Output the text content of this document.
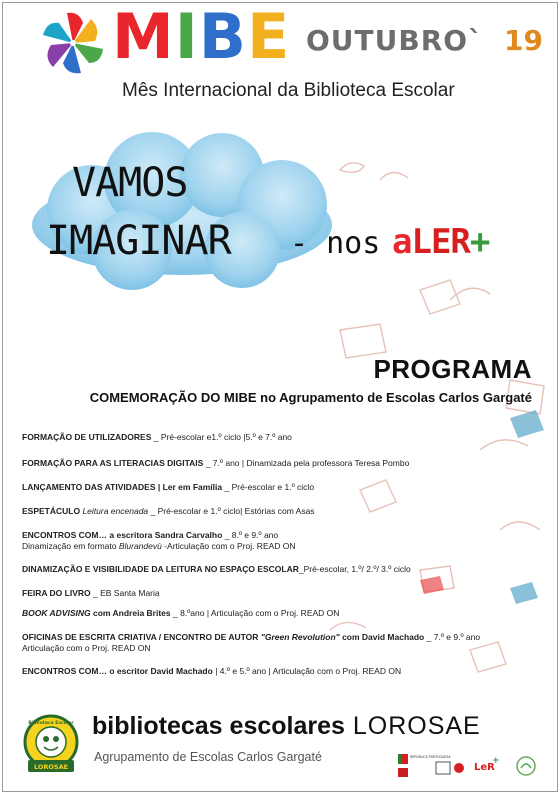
MIBE OUTUBRO` 19
Mês Internacional da Biblioteca Escolar
VAMOS
IMAGINAR - nos aLER+
PROGRAMA
COMEMORAÇÃO DO MIBE no Agrupamento de Escolas Carlos Gargaté
FORMAÇÃO DE UTILIZADORES _ Pré-escolar e1.º ciclo |5.º e 7.º ano
FORMAÇÃO PARA AS LITERACIAS DIGITAIS _ 7.º ano | Dinamizada pela professora Teresa Pombo
LANÇAMENTO DAS ATIVIDADES | Ler em Família _ Pré-escolar e 1.º ciclo
ESPETÁCULO Leitura encenada _ Pré-escolar e 1.º ciclo| Estórias com Asas
ENCONTROS COM… a escritora Sandra Carvalho _ 8.º e 9.º ano
Dinamização em formato Blurandevù -Articulação com o Proj. READ ON
DINAMIZAÇÃO E VISIBILIDADE DA LEITURA NO ESPAÇO ESCOLAR_Pré-escolar, 1.º/ 2.º/ 3.º ciclo
FEIRA DO LIVRO _ EB Santa Maria
BOOK ADVISING com Andreia Brites _ 8.ºano | Articulação com o Proj. READ ON
OFICINAS DE ESCRITA CRIATIVA / ENCONTRO DE AUTOR "Green Revolution" com David Machado _ 7.º e 9.º ano
Articulação com o Proj. READ ON
ENCONTROS COM… o escritor David Machado | 4.º e 5.º ano | Articulação com o Proj. READ ON
LOROSAE
Biblioteca Escolar bibliotecas escolares LOROSAE
Agrupamento de Escolas Carlos Gargaté	REPÚBLICA PORTUGUESA
LeR
+
